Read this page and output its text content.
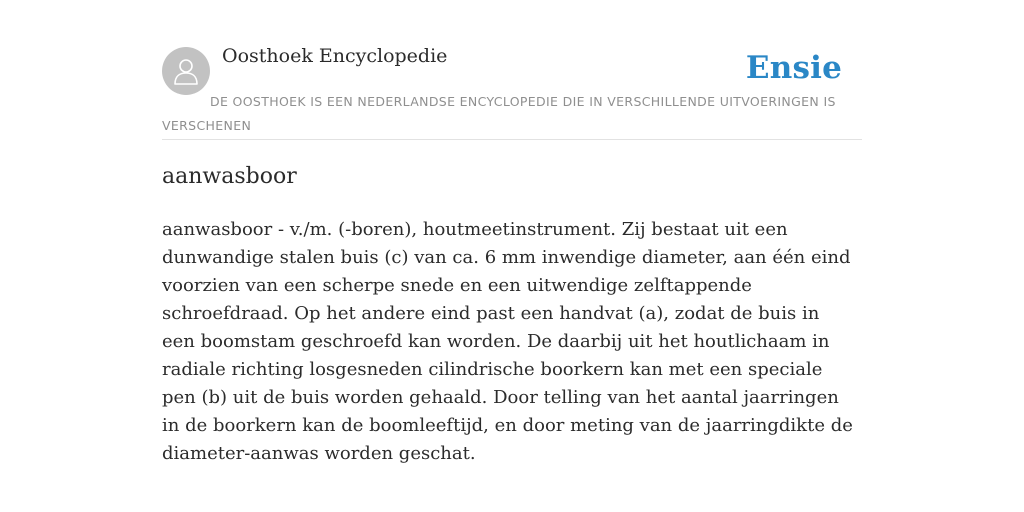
Oosthoek Encyclopedie	Ensie
DE OOSTHOEK IS EEN NEDERLANDSE ENCYCLOPEDIE DIE IN VERSCHILLENDE UITVOERINGEN IS VERSCHENEN
aanwasboor

aanwasboor - v./m. (-boren), houtmeetinstrument. Zij bestaat uit een dunwandige stalen buis (c) van ca. 6 mm inwendige diameter, aan één eind voorzien van een scherpe snede en een uitwendige zelftappende schroefdraad. Op het andere eind past een handvat (a), zodat de buis in een boomstam geschroefd kan worden. De daarbij uit het houtlichaam in radiale richting losgesneden cilindrische boorkern kan met een speciale pen (b) uit de buis worden gehaald. Door telling van het aantal jaarringen in de boorkern kan de boomleeftijd, en door meting van de jaarringdikte de diameter-aanwas worden geschat.
